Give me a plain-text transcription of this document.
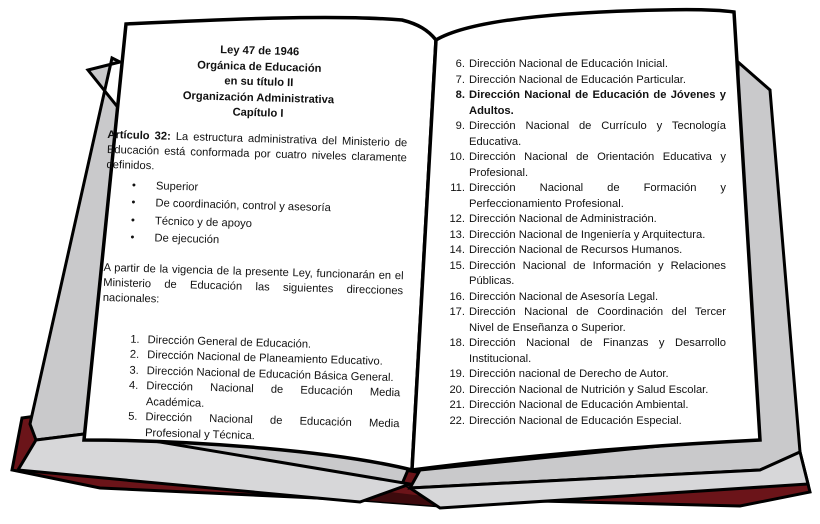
Ley 47 de 1946
Orgánica de Educación
en su título II
Organización Administrativa
Capítulo I
Artículo 32: La estructura administrativa del Ministerio de Educación está conformada por cuatro niveles claramente definidos.
• Superior
• De coordinación, control y asesoría
• Técnico y de apoyo
• De ejecución
A partir de la vigencia de la presente Ley, funcionarán en el Ministerio de Educación las siguientes direcciones nacionales:
1. Dirección General de Educación.
2. Dirección Nacional de Planeamiento Educativo.
3. Dirección Nacional de Educación Básica General.
4. Dirección Nacional de Educación Media Académica.
5. Dirección Nacional de Educación Media Profesional y Técnica.
6. Dirección Nacional de Educación Inicial.
7. Dirección Nacional de Educación Particular.
8. Dirección Nacional de Educación de Jóvenes y Adultos.
9. Dirección Nacional de Currículo y Tecnología Educativa.
10. Dirección Nacional de Orientación Educativa y Profesional.
11. Dirección Nacional de Formación y Perfeccionamiento Profesional.
12. Dirección Nacional de Administración.
13. Dirección Nacional de Ingeniería y Arquitectura.
14. Dirección Nacional de Recursos Humanos.
15. Dirección Nacional de Información y Relaciones Públicas.
16. Dirección Nacional de Asesoría Legal.
17. Dirección Nacional de Coordinación del Tercer Nivel de Enseñanza o Superior.
18. Dirección Nacional de Finanzas y Desarrollo Institucional.
19. Dirección nacional de Derecho de Autor.
20. Dirección Nacional de Nutrición y Salud Escolar.
21. Dirección Nacional de Educación Ambiental.
22. Dirección Nacional de Educación Especial.
